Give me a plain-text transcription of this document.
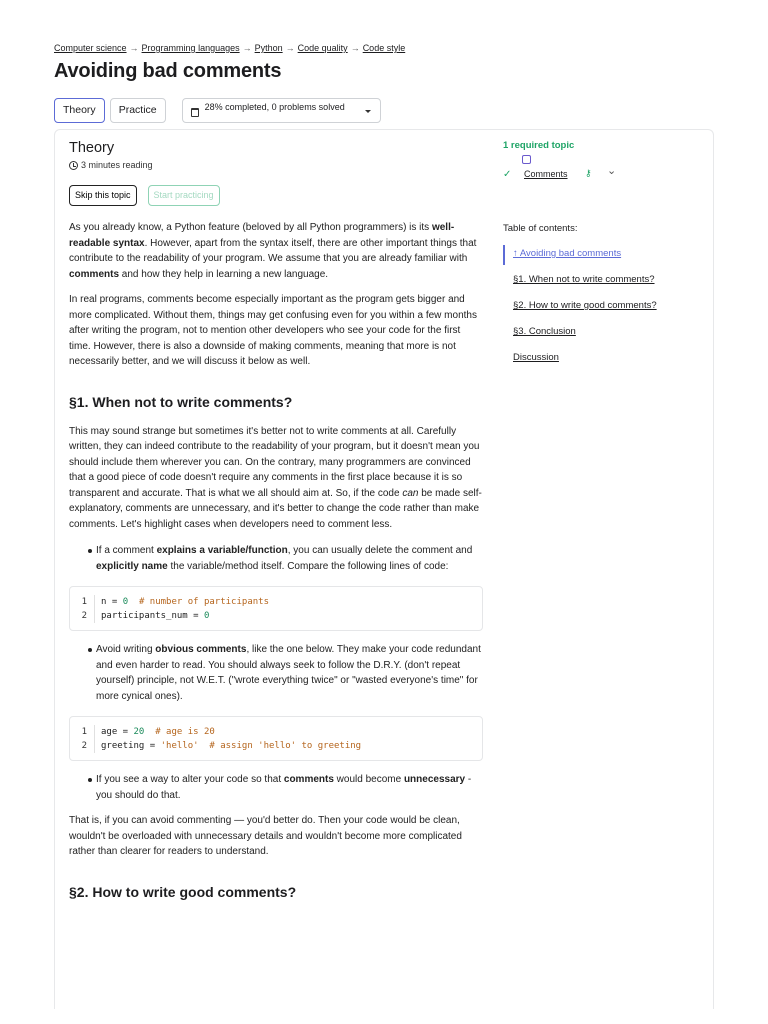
Computer science → Programming languages → Python → Code quality → Code style
Avoiding bad comments
Theory	Practice	28% completed, 0 problems solved
Theory
3 minutes reading
Skip this topic	Start practicing

As you already know, a Python feature (beloved by all Python programmers) is its well-readable syntax. However, apart from the syntax itself, there are other important things that contribute to the readability of your program. We assume that you are already familiar with comments and how they help in learning a new language.

In real programs, comments become especially important as the program gets bigger and more complicated. Without them, things may get confusing even for you within a few months after writing the program, not to mention other developers who see your code for the first time. However, there is also a downside of making comments, meaning that more is not necessarily better, and we will discuss it below as well.

§1. When not to write comments?

This may sound strange but sometimes it's better not to write comments at all. Carefully written, they can indeed contribute to the readability of your program, but it doesn't mean you should include them wherever you can. On the contrary, many programmers are convinced that a good piece of code doesn't require any comments in the first place because it is so transparent and accurate. That is what we all should aim at. So, if the code can be made self-explanatory, comments are unnecessary, and it's better to change the code rather than make comments. Let's highlight cases when developers need to comment less.

If a comment explains a variable/function, you can usually delete the comment and explicitly name the variable/method itself. Compare the following lines of code:
1	n = 0  # number of participants
2	participants_num = 0
Avoid writing obvious comments, like the one below. They make your code redundant and even harder to read. You should always seek to follow the D.R.Y. (don't repeat yourself) principle, not W.E.T. ("wrote everything twice" or "wasted everyone's time" for more cynical ones).
1	age = 20  # age is 20
2	greeting = 'hello'  # assign 'hello' to greeting
If you see a way to alter your code so that comments would become unnecessary - you should do that.

That is, if you can avoid commenting — you'd better do. Then your code would be clean, wouldn't be overloaded with unnecessary details and wouldn't become more complicated rather than clearer for readers to understand.

§2. How to write good comments?
1 required topic
✓ Comments ⚷ ⌄
Table of contents:
↑ Avoiding bad comments
§1. When not to write comments?
§2. How to write good comments?
§3. Conclusion
Discussion
